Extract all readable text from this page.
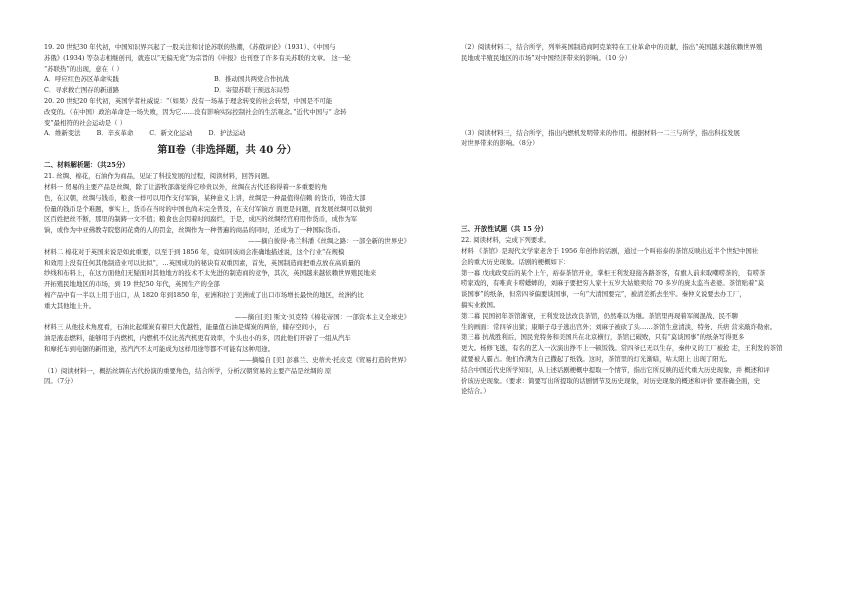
19. 20 世纪30 年代初，中国知识界兴起了一股关注和讨论苏联的热潮，《苏俄评论》（1931）、《中国与

苏俄》(1934) 等杂志相继创刊，就连以“无偏无党”为宗旨的《申报》也刊登了许多有关苏联的文章。 这一轮

“苏联热”的出现，意在（ ）

A．呼应红色苏区革命实践	B．推动国共两党合作抗战
C．寻求救亡图存的新道路	D．寄望苏联干预远东局势

20. 20 世纪20 年代初，英国学者杜威说：“（如果）没有一场基于理念转变的社会转型，中国是不可能

改变的。（在中国）政治革命是一场失败，因为它……没有影响实际控制社会的生活观念。”近代中国与“ 念转

变”最相符的社会运动是（ ）

A．维新变法	B．辛亥革命	C．新文化运动	D．护法运动
第Ⅱ卷（非选择题，共 40 分）
二、材料解析题：（共25分）

21. 丝绸、棉花，石油作为商品，见证了科技发展的过程，阅读材料，回答问题。

材料一 贸易的主要产品是丝绸，除了让游牧部落觉得它珍贵以外，丝绸在古代还称得着一多重要的角

色，在汉朝，丝绸与钱币，粮食一样可以用作支付军饷，某种意义上讲，丝绸是一种最值得信赖 的货币，铸造大部

份量的钱币是个难题，事实上，货币在当时的中国也尚未完全普及，在支付军饷方 面更是问题，而发展丝绸可以做到

区百姓把丝不断，那里的制鋳一文不值；粮食也会因着时间腐烂，于是，成匹的丝绸经官府用作货币，成作为军

饷，或作为中亚佛教寺院悠闲花费的人的罚金，丝绸作为一种普遍的商品的同时，还成为了一种国际货币。

——摘自彼得·弗兰科潘《丝绸之路：一部全新的世界史》

材料二 棉花对于英国来说是如此重要，以至于到 1856 年，竟如同该商会准确地描述说，这个行业“在规模

和效用上没有任何其他制造业可以比拟”，…英国成功的秘诀有双重因素，首先，英国制造商把重点放在高质量的

纱线和布料上，在这方面他们无疑面对其他地方的技术不太先进的制造商的竞争，其次，英国越来越依赖世界殖民地来

开拓殖民地地区的市场，到 19 世纪50 年代，英国生产的全部

棉产品中有一半以上用于出口，从 1820 年到1850 年，亚洲和拉丁美洲成了出口市场增长最快的地区，丝洲约比

重大其他地上升。

——摘自[美] 斯文·贝克特《棉花帝国：一部资本主义全球史》

材料三 从他技术角度看，石油比起煤炭有着巨大优越性，能量值石油是煤炭的两倍，储存空间小， 石

油是液态燃料，能够用于内燃机，内燃机不仅比蒸汽机更有效率，个头也小的多，因此他们开辟了一组从汽车

和摩托车到电锯的新用途，蒸汽汽不太可能成为这样用途等都不可能有这种用途。

——摘编自 [美] 彭慕兰、史蒂夫·托皮克《贸易打造的世界》

（1）阅读材料一，概括丝绸在古代扮演的重要角色，结合所学，分析汉朝贸易的主要产品是丝绸的 原

因。（7分）

（2）阅读材料二，结合所学，列举英国制造商阿克莱特在工业革命中的贡献，指出“英国越来越依赖世界殖

民地或半殖民地区的市场”对中国经济带来的影响。（10 分）

（3）阅读材料三，结合所学，指出内燃机发明带来的作用。根据材料一二三与所学，指出科技发展

对世界带来的影响。（8分）

三、开放性试题（共 15 分）

22. 阅读材料，完成下列要求。

材料 《茶馆》是现代文学家老舍于 1956 年创作的话剧，通过一个叫裕泰的茶馆反映出近半个世纪中国社

会的重大历史现象。话剧的梗概如下：

第一幕 戊戌政变后的某个上午，裕泰茶馆开业，掌柜王利发迎接各路茶客，有旗人前来取嘲唠茶的， 有唠茶

唠家戏的，有唯黄卡唠蟋蟀的，刘麻子要把穷人家十五岁大姑娘卖给 70 多岁的庞太监当老婆。茶馆贴着“莫

谈国事”的纸条，但常四爷偏要谈国事，一句“大清国要完”，被清差抓去坐牢。秦仲义说要去办工厂，

搞实业救国。

第二幕 民国初年茶馆渐衰，王利发设法改良茶馆，仍然难以为继。茶馆里再现着军阀混战、民不聊

生的画面：常四爷出狱；康顺子母子逃出宫外；刘麻子被砍了头……茶馆生意清淡，特务、兵痞 营来敲诈勒索。

第三幕 抗战胜利后，国民党特务和美国兵在北京横行，茶馆已破败，只有“莫谈国事”的纸条写得更多

更大。杨修飞逃，有名的艺人一次演出挣不上一顿饭钱。常四爷已无以生存，秦仲义的工厂被抢 走，王利发的茶馆

就要被人霸占。他们作满为自己撒起了纸钱。这时，茶馆里的灯光渐暗，咕太阳上 出现了阳光。

结合中国近代史所学知识，从上述话剧梗概中提取一个情节，指出它所反映的近代重大历史现象，并 概述和评

价该历史现象。（要求：简要写出所提取的话剧情节及历史现象，对历史现象的概述和评价 要准确全面，史

论结合。）
